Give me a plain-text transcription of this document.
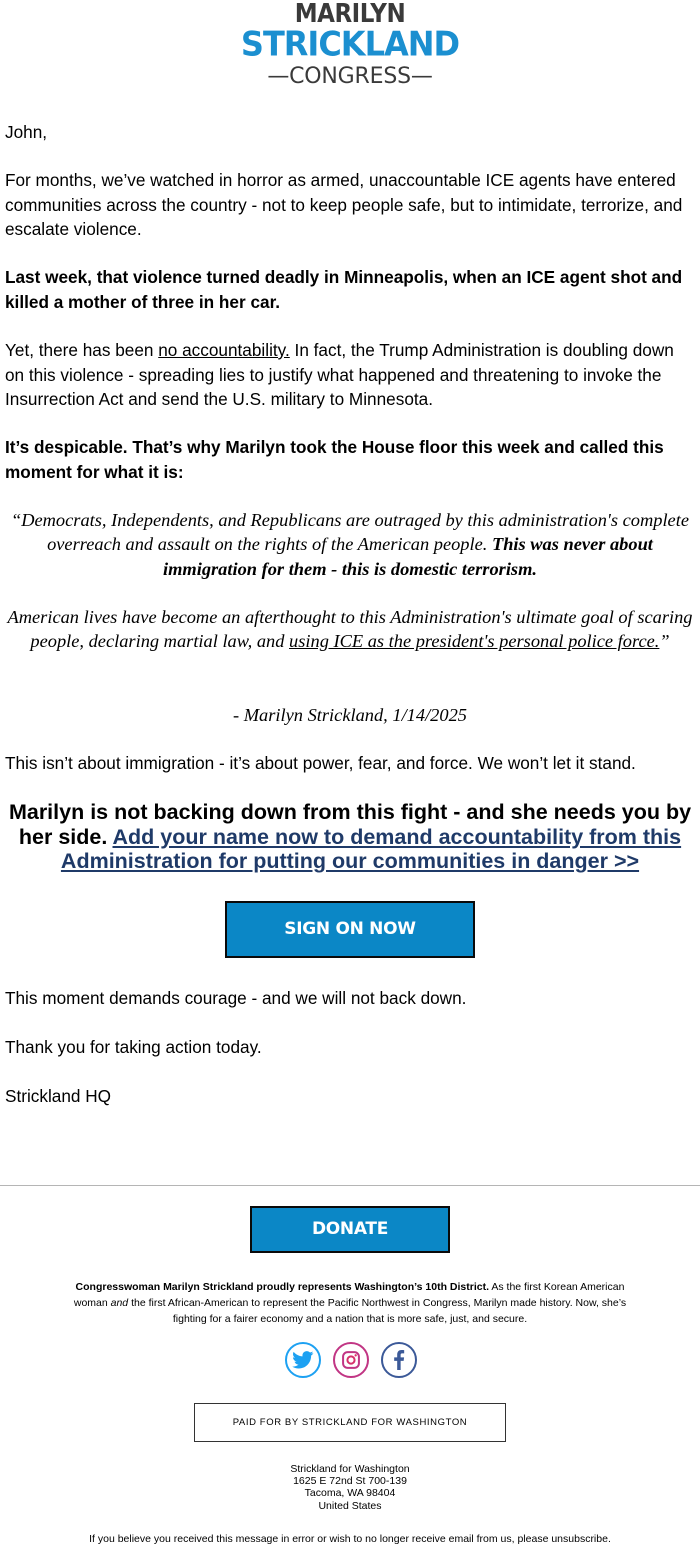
MARILYN
STRICKLAND
—CONGRESS—

John,

For months, we’ve watched in horror as armed, unaccountable ICE agents have entered communities across the country - not to keep people safe, but to intimidate, terrorize, and escalate violence.

Last week, that violence turned deadly in Minneapolis, when an ICE agent shot and killed a mother of three in her car.

Yet, there has been no accountability. In fact, the Trump Administration is doubling down on this violence - spreading lies to justify what happened and threatening to invoke the Insurrection Act and send the U.S. military to Minnesota.

It’s despicable. That’s why Marilyn took the House floor this week and called this moment for what it is:

“Democrats, Independents, and Republicans are outraged by this administration's complete overreach and assault on the rights of the American people. This was never about immigration for them - this is domestic terrorism.

American lives have become an afterthought to this Administration's ultimate goal of scaring people, declaring martial law, and using ICE as the president's personal police force.”

- Marilyn Strickland, 1/14/2025

This isn’t about immigration - it’s about power, fear, and force. We won’t let it stand.

Marilyn is not backing down from this fight - and she needs you by her side. Add your name now to demand accountability from this Administration for putting our communities in danger >>

SIGN ON NOW

This moment demands courage - and we will not back down.

Thank you for taking action today.

Strickland HQ

DONATE

Congresswoman Marilyn Strickland proudly represents Washington’s 10th District. As the first Korean American woman and the first African-American to represent the Pacific Northwest in Congress, Marilyn made history. Now, she’s fighting for a fairer economy and a nation that is more safe, just, and secure.

PAID FOR BY STRICKLAND FOR WASHINGTON
Strickland for Washington
1625 E 72nd St 700-139
Tacoma, WA 98404
United States
If you believe you received this message in error or wish to no longer receive email from us, please unsubscribe.
